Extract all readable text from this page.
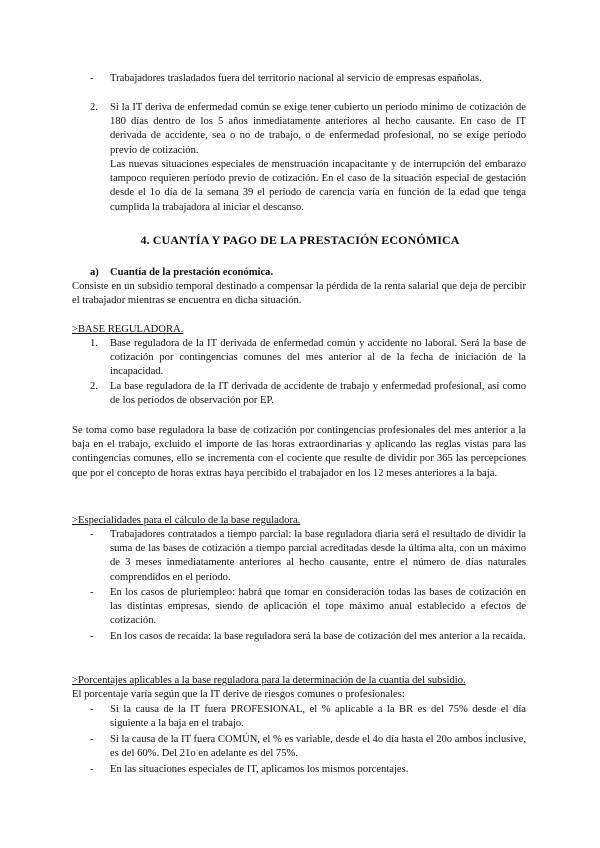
- Trabajadores trasladados fuera del territorio nacional al servicio de empresas españolas.

2. Si la IT deriva de enfermedad común se exige tener cubierto un período mínimo de cotización de 180 días dentro de los 5 años inmediatamente anteriores al hecho causante. En caso de IT derivada de accidente, sea o no de trabajo, o de enfermedad profesional, no se exige período previo de cotización.

Las nuevas situaciones especiales de menstruación incapacitante y de interrupción del embarazo tampoco requieren período previo de cotización. En el caso de la situación especial de gestación desde el 1o día de la semana 39 el período de carencia varía en función de la edad que tenga cumplida la trabajadora al iniciar el descanso.

4. CUANTÍA Y PAGO DE LA PRESTACIÓN ECONÓMICA

a) Cuantía de la prestación económica.

Consiste en un subsidio temporal destinado a compensar la pérdida de la renta salarial que deja de percibir el trabajador mientras se encuentra en dicha situación.

>BASE REGULADORA.

1. Base reguladora de la IT derivada de enfermedad común y accidente no laboral. Será la base de cotización por contingencias comunes del mes anterior al de la fecha de iniciación de la incapacidad.

2. La base reguladora de la IT derivada de accidente de trabajo y enfermedad profesional, así como de los períodos de observación por EP.

Se toma como base reguladora la base de cotización por contingencias profesionales del mes anterior a la baja en el trabajo, excluido el importe de las horas extraordinarias y aplicando las reglas vistas para las contingencias comunes, ello se incrementa con el cociente que resulte de dividir por 365 las percepciones que por el concepto de horas extras haya percibido el trabajador en los 12 meses anteriores a la baja.

>Especialidades para el cálculo de la base reguladora.

- Trabajadores contratados a tiempo parcial: la base reguladora diaria será el resultado de dividir la suma de las bases de cotización a tiempo parcial acreditadas desde la última alta, con un máximo de 3 meses inmediatamente anteriores al hecho causante, entre el número de días naturales comprendidos en el período.

- En los casos de pluriempleo: habrá que tomar en consideración todas las bases de cotización en las distintas empresas, siendo de aplicación el tope máximo anual establecido a efectos de cotización.

- En los casos de recaída: la base reguladora será la base de cotización del mes anterior a la recaída.

>Porcentajes aplicables a la base reguladora para la determinación de la cuantía del subsidio.

El porcentaje varía según que la IT derive de riesgos comunes o profesionales:

- Si la causa de la IT fuera PROFESIONAL, el % aplicable a la BR es del 75% desde el día siguiente a la baja en el trabajo.

- Si la causa de la IT fuera COMÚN, el % es variable, desde el 4o día hasta el 20o ambos inclusive, es del 60%. Del 21o en adelante es del 75%.

- En las situaciones especiales de IT, aplicamos los mismos porcentajes.
